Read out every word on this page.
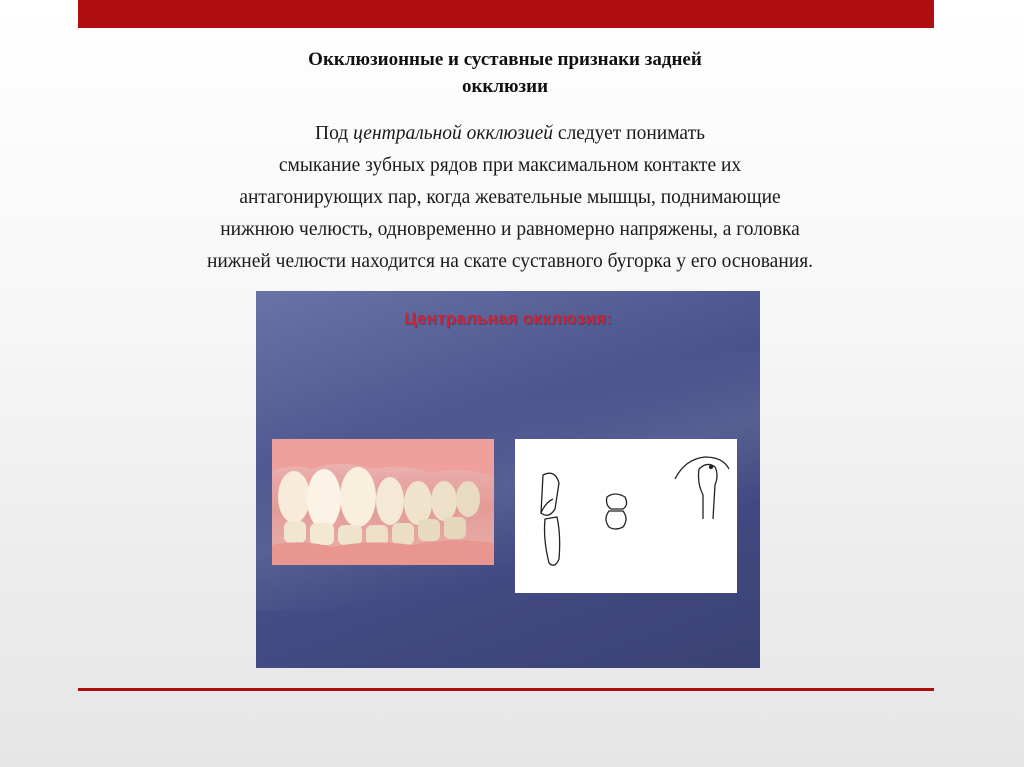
Окклюзионные и суставные признаки задней
окклюзии
Под центральной окклюзией следует понимать
смыкание зубных рядов при максимальном контакте их
антагонирующих пар, когда жевательные мышцы, поднимающие
нижнюю челюсть, одновременно и равномерно напряжены, а головка
нижней челюсти находится на скате суставного бугорка у его основания.
Центральная окклюзия:
